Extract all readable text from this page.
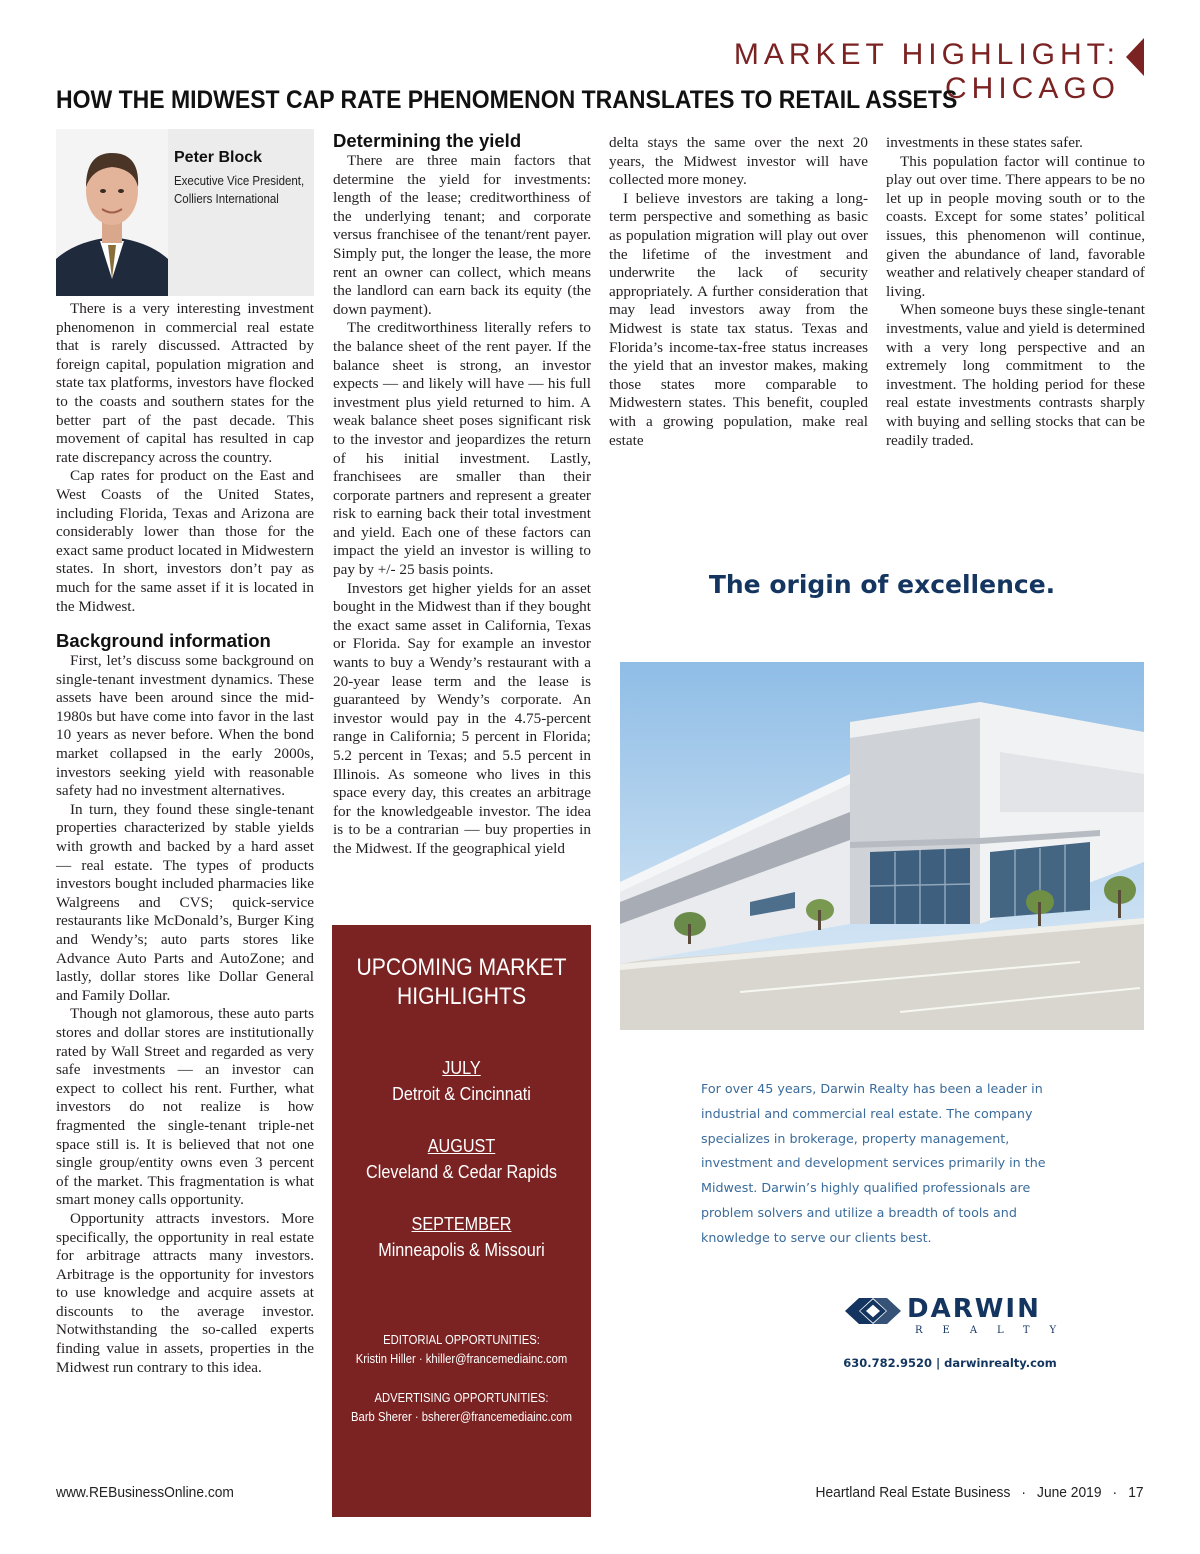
MARKET HIGHLIGHT: CHICAGO
HOW THE MIDWEST CAP RATE PHENOMENON TRANSLATES TO RETAIL ASSETS
Peter Block
Executive Vice President,
Colliers International

There is a very interesting investment phenomenon in commercial real estate that is rarely discussed. Attracted by foreign capital, population migration and state tax platforms, investors have flocked to the coasts and southern states for the better part of the past decade. This movement of capital has resulted in cap rate discrepancy across the country.

Cap rates for product on the East and West Coasts of the United States, including Florida, Texas and Arizona are considerably lower than those for the exact same product located in Midwestern states. In short, investors don’t pay as much for the same asset if it is located in the Midwest.

Background information

First, let’s discuss some background on single-tenant investment dynamics. These assets have been around since the mid-1980s but have come into favor in the last 10 years as never before. When the bond market collapsed in the early 2000s, investors seeking yield with reasonable safety had no investment alternatives.

In turn, they found these single-tenant properties characterized by stable yields with growth and backed by a hard asset — real estate. The types of products investors bought included pharmacies like Walgreens and CVS; quick-service restaurants like McDonald’s, Burger King and Wendy’s; auto parts stores like Advance Auto Parts and AutoZone; and lastly, dollar stores like Dollar General and Family Dollar.

Though not glamorous, these auto parts stores and dollar stores are institutionally rated by Wall Street and regarded as very safe investments — an investor can expect to collect his rent. Further, what investors do not realize is how fragmented the single-tenant triple-net space still is. It is believed that not one single group/entity owns even 3 percent of the market. This fragmentation is what smart money calls opportunity.

Opportunity attracts investors. More specifically, the opportunity in real estate for arbitrage attracts many investors. Arbitrage is the opportunity for investors to use knowledge and acquire assets at discounts to the average investor. Notwithstanding the so-called experts finding value in assets, properties in the Midwest run contrary to this idea.

Determining the yield

There are three main factors that determine the yield for investments: length of the lease; creditworthiness of the underlying tenant; and corporate versus franchisee of the tenant/rent payer. Simply put, the longer the lease, the more rent an owner can collect, which means the landlord can earn back its equity (the down payment).

The creditworthiness literally refers to the balance sheet of the rent payer. If the balance sheet is strong, an investor expects — and likely will have — his full investment plus yield returned to him. A weak balance sheet poses significant risk to the investor and jeopardizes the return of his initial investment. Lastly, franchisees are smaller than their corporate partners and represent a greater risk to earning back their total investment and yield. Each one of these factors can impact the yield an investor is willing to pay by +/- 25 basis points.

Investors get higher yields for an asset bought in the Midwest than if they bought the exact same asset in California, Texas or Florida. Say for example an investor wants to buy a Wendy’s restaurant with a 20-year lease term and the lease is guaranteed by Wendy’s corporate. An investor would pay in the 4.75-percent range in California; 5 percent in Florida; 5.2 percent in Texas; and 5.5 percent in Illinois. As someone who lives in this space every day, this creates an arbitrage for the knowledgeable investor. The idea is to be a contrarian — buy properties in the Midwest. If the geographical yield

delta stays the same over the next 20 years, the Midwest investor will have collected more money.

I believe investors are taking a long-term perspective and something as basic as population migration will play out over the lifetime of the investment and underwrite the lack of security appropriately. A further consideration that may lead investors away from the Midwest is state tax status. Texas and Florida’s income-tax-free status increases the yield that an investor makes, making those states more comparable to Midwestern states. This benefit, coupled with a growing population, make real estate

investments in these states safer.

This population factor will continue to play out over time. There appears to be no let up in people moving south or to the coasts. Except for some states’ political issues, this phenomenon will continue, given the abundance of land, favorable weather and relatively cheaper standard of living.

When someone buys these single-tenant investments, value and yield is determined with a very long perspective and an extremely long commitment to the investment. The holding period for these real estate investments contrasts sharply with buying and selling stocks that can be readily traded.

UPCOMING MARKET
HIGHLIGHTS
JULY
Detroit & Cincinnati
AUGUST
Cleveland & Cedar Rapids
SEPTEMBER
Minneapolis & Missouri
EDITORIAL OPPORTUNITIES:
Kristin Hiller · khiller@francemediainc.com
ADVERTISING OPPORTUNITIES:
Barb Sherer · bsherer@francemediainc.com
The origin of excellence.
For over 45 years, Darwin Realty has been a leader in industrial and commercial real estate. The company specializes in brokerage, property management, investment and development services primarily in the Midwest. Darwin’s highly qualified professionals are problem solvers and utilize a breadth of tools and knowledge to serve our clients best.
DARWIN
REALTY
630.782.9520 | darwinrealty.com
www.REBusinessOnline.com	Heartland Real Estate Business · June 2019 · 17
